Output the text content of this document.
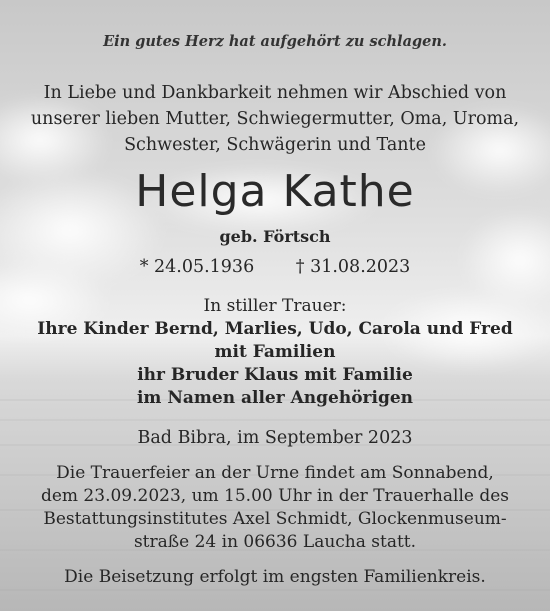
Ein gutes Herz hat aufgehört zu schlagen.
In Liebe und Dankbarkeit nehmen wir Abschied von
unserer lieben Mutter, Schwiegermutter, Oma, Uroma,
Schwester, Schwägerin und Tante
Helga Kathe
geb. Förtsch
* 24.05.1936 † 31.08.2023
In stiller Trauer:
Ihre Kinder Bernd, Marlies, Udo, Carola und Fred
mit Familien
ihr Bruder Klaus mit Familie
im Namen aller Angehörigen
Bad Bibra, im September 2023
Die Trauerfeier an der Urne findet am Sonnabend,
dem 23.09.2023, um 15.00 Uhr in der Trauerhalle des
Bestattungsinstitutes Axel Schmidt, Glockenmuseum-
straße 24 in 06636 Laucha statt.
Die Beisetzung erfolgt im engsten Familienkreis.
